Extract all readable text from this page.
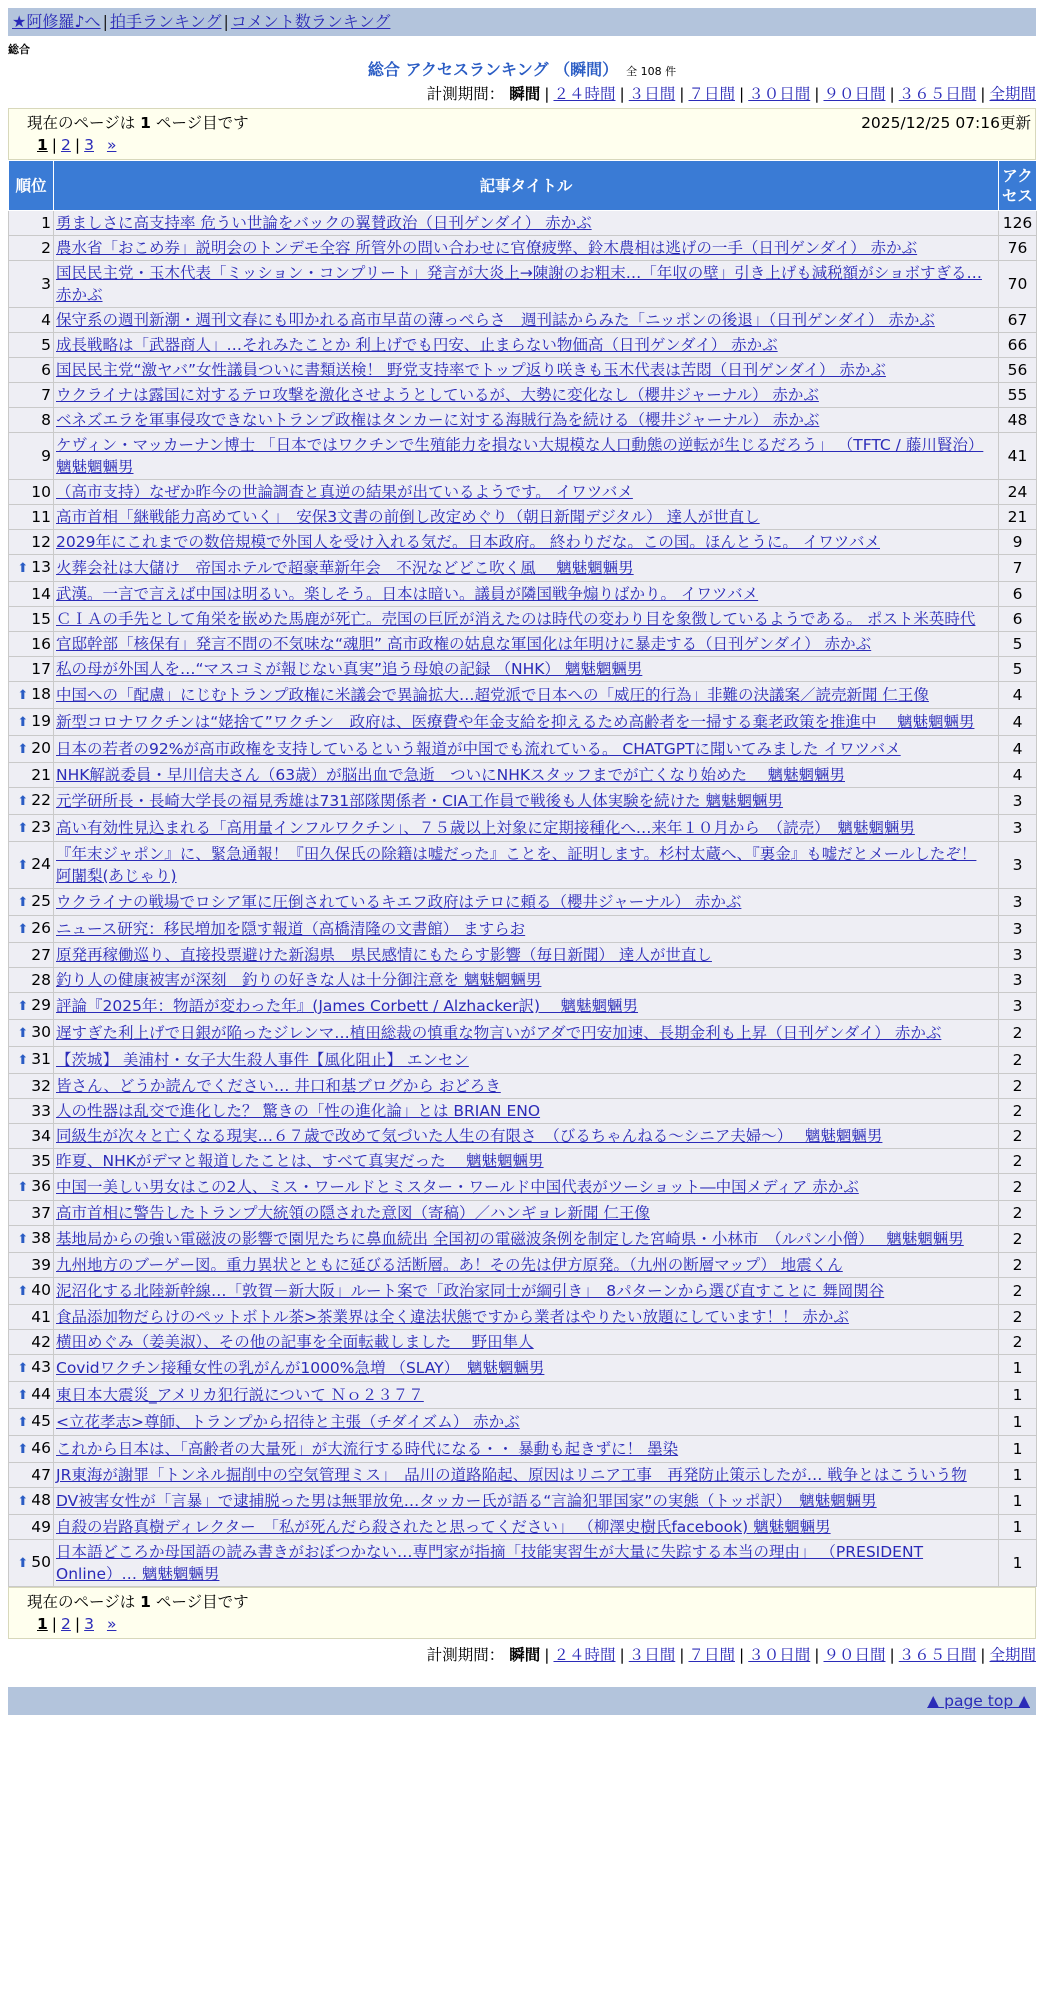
★阿修羅♪へ | 拍手ランキング | コメント数ランキング
総合
総合 アクセスランキング （瞬間） 全 108 件
計測期間： 瞬間 | ２４時間 | ３日間 | ７日間 | ３０日間 | ９０日間 | ３６５日間 | 全期間
現在のページは 1 ページ目です	2025/12/25 07:16更新
1 | 2 | 3 »
順位	記事タイトル	アクセス
1	勇ましさに高支持率 危うい世論をバックの翼賛政治（日刊ゲンダイ） 赤かぶ	126
2	農水省「おこめ券」説明会のトンデモ全容 所管外の問い合わせに官僚疲弊、鈴木農相は逃げの一手（日刊ゲンダイ） 赤かぶ	76
3	国民民主党・玉木代表「ミッション・コンプリート」発言が大炎上→陳謝のお粗末…「年収の壁」引き上げも減税額がショボすぎる… 赤かぶ	70
4	保守系の週刊新潮・週刊文春にも叩かれる高市早苗の薄っぺらさ　週刊誌からみた「ニッポンの後退」（日刊ゲンダイ） 赤かぶ	67
5	成長戦略は「武器商人」…それみたことか 利上げでも円安、止まらない物価高（日刊ゲンダイ） 赤かぶ	66
6	国民民主党“激ヤバ”女性議員ついに書類送検！ 野党支持率でトップ返り咲きも玉木代表は苦悶（日刊ゲンダイ） 赤かぶ	56
7	ウクライナは露国に対するテロ攻撃を激化させようとしているが、大勢に変化なし（櫻井ジャーナル） 赤かぶ	55
8	ベネズエラを軍事侵攻できないトランプ政権はタンカーに対する海賊行為を続ける（櫻井ジャーナル） 赤かぶ	48
9	ケヴィン・マッカーナン博士 「日本ではワクチンで生殖能力を損ない大規模な人口動態の逆転が生じるだろう」 （TFTC / 藤川賢治） 魑魅魍魎男	41
10	（高市支持）なぜか昨今の世論調査と真逆の結果が出ているようです。 イワツバメ	24
11	高市首相「継戦能力高めていく」　安保3文書の前倒し改定めぐり（朝日新聞デジタル） 達人が世直し	21
12	2029年にこれまでの数倍規模で外国人を受け入れる気だ。日本政府。 終わりだな。この国。ほんとうに。 イワツバメ	9
⬆ 13	火葬会社は大儲け　帝国ホテルで超豪華新年会　不況などどこ吹く風　 魑魅魍魎男	7
14	武漢。一言で言えば中国は明るい。楽しそう。日本は暗い。議員が隣国戦争煽りばかり。 イワツバメ	6
15	ＣＩＡの手先として角栄を嵌めた馬鹿が死亡。売国の巨匠が消えたのは時代の変わり目を象徴しているようである。 ポスト米英時代	6
16	官邸幹部「核保有」発言不問の不気味な“魂胆” 高市政権の姑息な軍国化は年明けに暴走する（日刊ゲンダイ） 赤かぶ	5
17	私の母が外国人を…“マスコミが報じない真実”追う母娘の記録 （NHK） 魑魅魍魎男	5
⬆ 18	中国への「配慮」にじむトランプ政権に米議会で異論拡大…超党派で日本への「威圧的行為」非難の決議案／読売新聞 仁王像	4
⬆ 19	新型コロナワクチンは“姥捨て”ワクチン　政府は、医療費や年金支給を抑えるため高齢者を一掃する棄老政策を推進中　 魑魅魍魎男	4
⬆ 20	日本の若者の92%が高市政権を支持しているという報道が中国でも流れている。 CHATGPTに聞いてみました イワツバメ	4
21	NHK解説委員・早川信夫さん（63歳）が脳出血で急逝　ついにNHKスタッフまでが亡くなり始めた　 魑魅魍魎男	4
⬆ 22	元学研所長・長崎大学長の福見秀雄は731部隊関係者・CIA工作員で戦後も人体実験を続けた 魑魅魍魎男	3
⬆ 23	高い有効性見込まれる「高用量インフルワクチン」、７５歳以上対象に定期接種化へ…来年１０月から　（読売）　魑魅魍魎男	3
⬆ 24	『年末ジャポン』に、緊急通報！『田久保氏の除籍は嘘だった』ことを、証明します。杉村太蔵へ、『裏金』も嘘だとメールしたぞ！ 阿闍梨(あじゃり)	3
⬆ 25	ウクライナの戦場でロシア軍に圧倒されているキエフ政府はテロに頼る（櫻井ジャーナル） 赤かぶ	3
⬆ 26	ニュース研究：移民増加を隠す報道（高橋清隆の文書館） ますらお	3
27	原発再稼働巡り、直接投票避けた新潟県　県民感情にもたらす影響（毎日新聞） 達人が世直し	3
28	釣り人の健康被害が深刻　釣りの好きな人は十分御注意を 魑魅魍魎男	3
⬆ 29	評論『2025年：物語が変わった年』(James Corbett / Alzhacker訳)　 魑魅魍魎男	3
⬆ 30	遅すぎた利上げで日銀が陥ったジレンマ…植田総裁の慎重な物言いがアダで円安加速、長期金利も上昇（日刊ゲンダイ） 赤かぶ	2
⬆ 31	【茨城】 美浦村・女子大生殺人事件【風化阻止】 エンセン	2
32	皆さん、どうか読んでください… 井口和基ブログから おどろき	2
33	人の性器は乱交で進化した？ 驚きの「性の進化論」とは BRIAN ENO	2
34	同級生が次々と亡くなる現実…６７歳で改めて気づいた人生の有限さ　（びるちゃんねる～シニア夫婦～）　 魑魅魍魎男	2
35	昨夏、NHKがデマと報道したことは、すべて真実だった　 魑魅魍魎男	2
⬆ 36	中国一美しい男女はこの2人、ミス・ワールドとミスター・ワールド中国代表がツーショット―中国メディア 赤かぶ	2
37	高市首相に警告したトランプ大統領の隠された意図（寄稿）／ハンギョレ新聞 仁王像	2
⬆ 38	基地局からの強い電磁波の影響で園児たちに鼻血続出 全国初の電磁波条例を制定した宮崎県・小林市　（ルパン小僧）　 魑魅魍魎男	2
39	九州地方のブーゲー図。重力異状とともに延びる活断層。あ！その先は伊方原発。（九州の断層マップ） 地震くん	2
⬆ 40	泥沼化する北陸新幹線…「敦賀－新大阪」ルート案で「政治家同士が綱引き」　8パターンから選び直すことに 舞岡関谷	2
41	食品添加物だらけのペットボトル茶>茶業界は全く違法状態ですから業者はやりたい放題にしています！！ 赤かぶ	2
42	横田めぐみ（姜美淑）、その他の記事を全面転載しました　 野田隼人	2
⬆ 43	Covidワクチン接種女性の乳がんが1000%急増 （SLAY）　魑魅魍魎男	1
⬆ 44	東日本大震災_アメリカ犯行説について Ｎｏ２３７７	1
⬆ 45	<立花孝志>尊師、トランプから招待と主張（チダイズム） 赤かぶ	1
⬆ 46	これから日本は、「高齢者の大量死」が大流行する時代になる・・ 暴動も起きずに！ 墨染	1
47	JR東海が謝罪「トンネル掘削中の空気管理ミス」　品川の道路陥起、原因はリニア工事　再発防止策示したが… 戦争とはこういう物	1
⬆ 48	DV被害女性が「言暴」で逮捕脱った男は無罪放免…タッカー氏が語る“言論犯罪国家”の実態（トッポ訳）　魑魅魍魎男	1
49	自殺の岩路真樹ディレクター　「私が死んだら殺されたと思ってください」 （柳澤史樹氏facebook) 魑魅魍魎男	1
⬆ 50	日本語どころか母国語の読み書きがおぼつかない…専門家が指摘「技能実習生が大量に失踪する本当の理由」 （PRESIDENT Online）… 魑魅魍魎男	1
現在のページは 1 ページ目です
1 | 2 | 3 »
計測期間： 瞬間 | ２４時間 | ３日間 | ７日間 | ３０日間 | ９０日間 | ３６５日間 | 全期間
▲ page top ▲
